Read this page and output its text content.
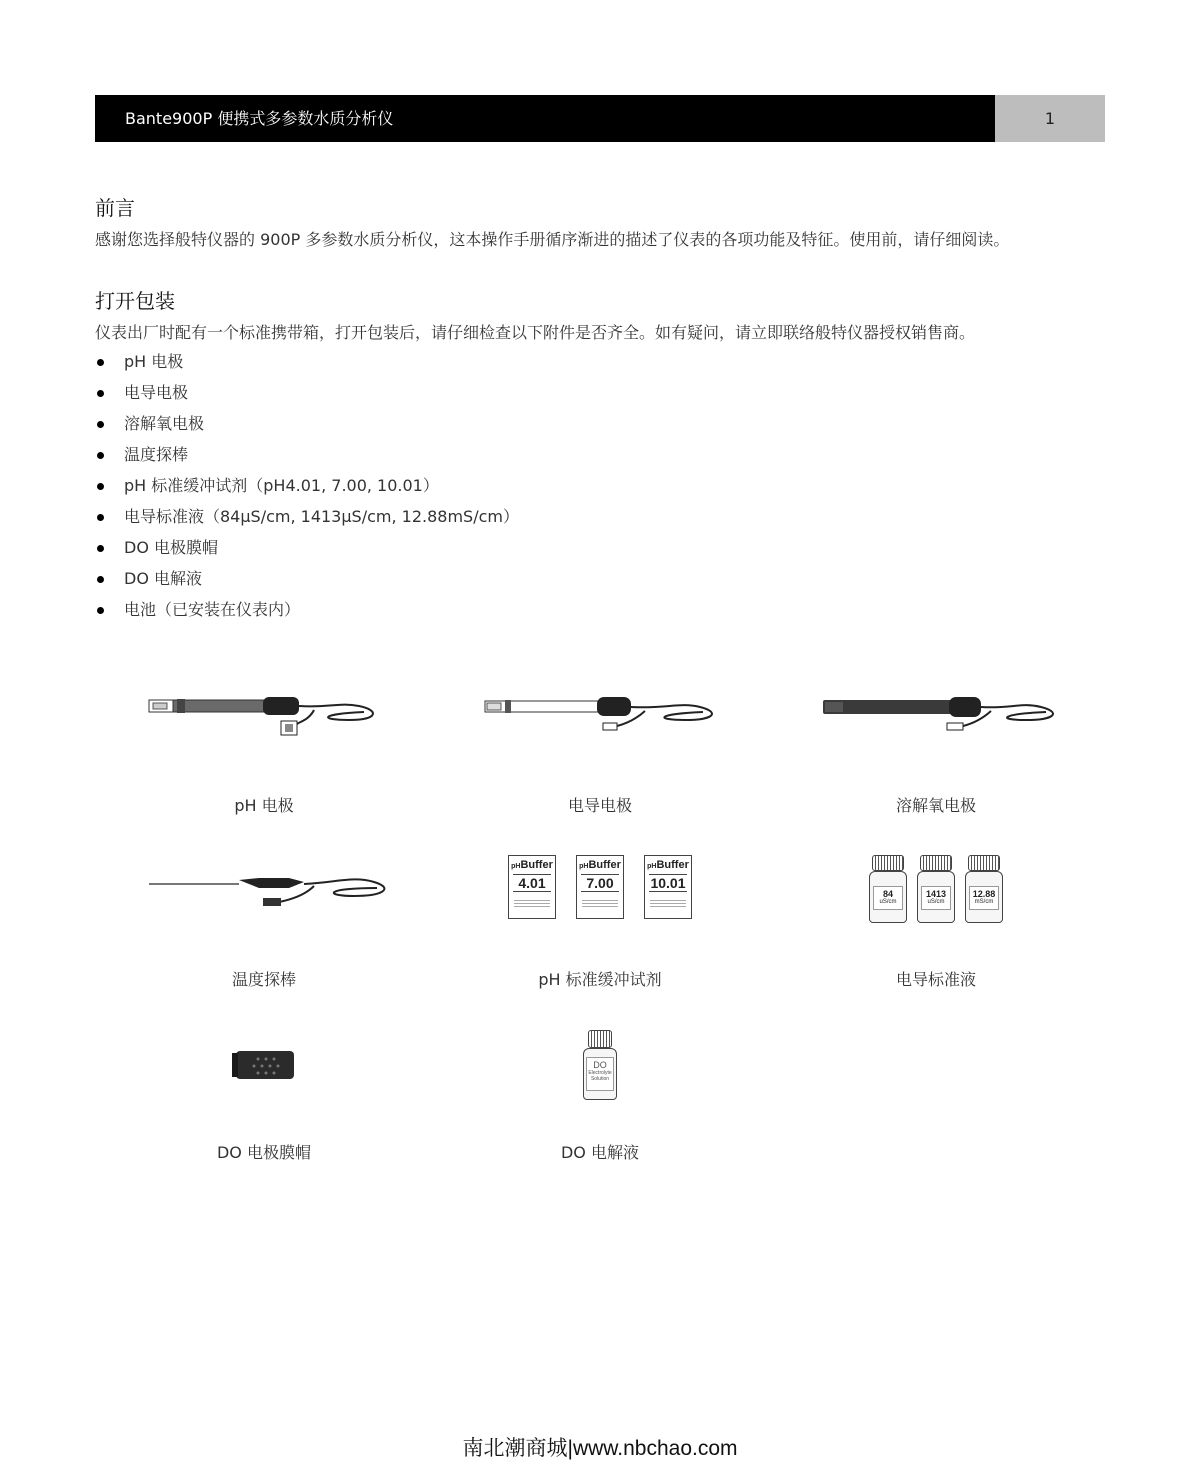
Bante900P 便携式多参数水质分析仪	1
前言
感谢您选择般特仪器的 900P 多参数水质分析仪，这本操作手册循序渐进的描述了仪表的各项功能及特征。使用前，请仔细阅读。
打开包装
仪表出厂时配有一个标准携带箱，打开包装后，请仔细检查以下附件是否齐全。如有疑问，请立即联络般特仪器授权销售商。
pH 电极
电导电极
溶解氧电极
温度探棒
pH 标准缓冲试剂（pH4.01, 7.00, 10.01）
电导标准液（84μS/cm, 1413μS/cm, 12.88mS/cm）
DO 电极膜帽
DO 电解液
电池（已安装在仪表内）
pH 电极	电导电极	溶解氧电极
pHBuffer
4.01
pHBuffer
7.00
pHBuffer
10.01
84
uS/cm
1413
uS/cm
12.88
mS/cm
温度探棒	pH 标准缓冲试剂	电导标准液
DO
Electrolyte
Solution
DO 电极膜帽	DO 电解液
南北潮商城|www.nbchao.com
